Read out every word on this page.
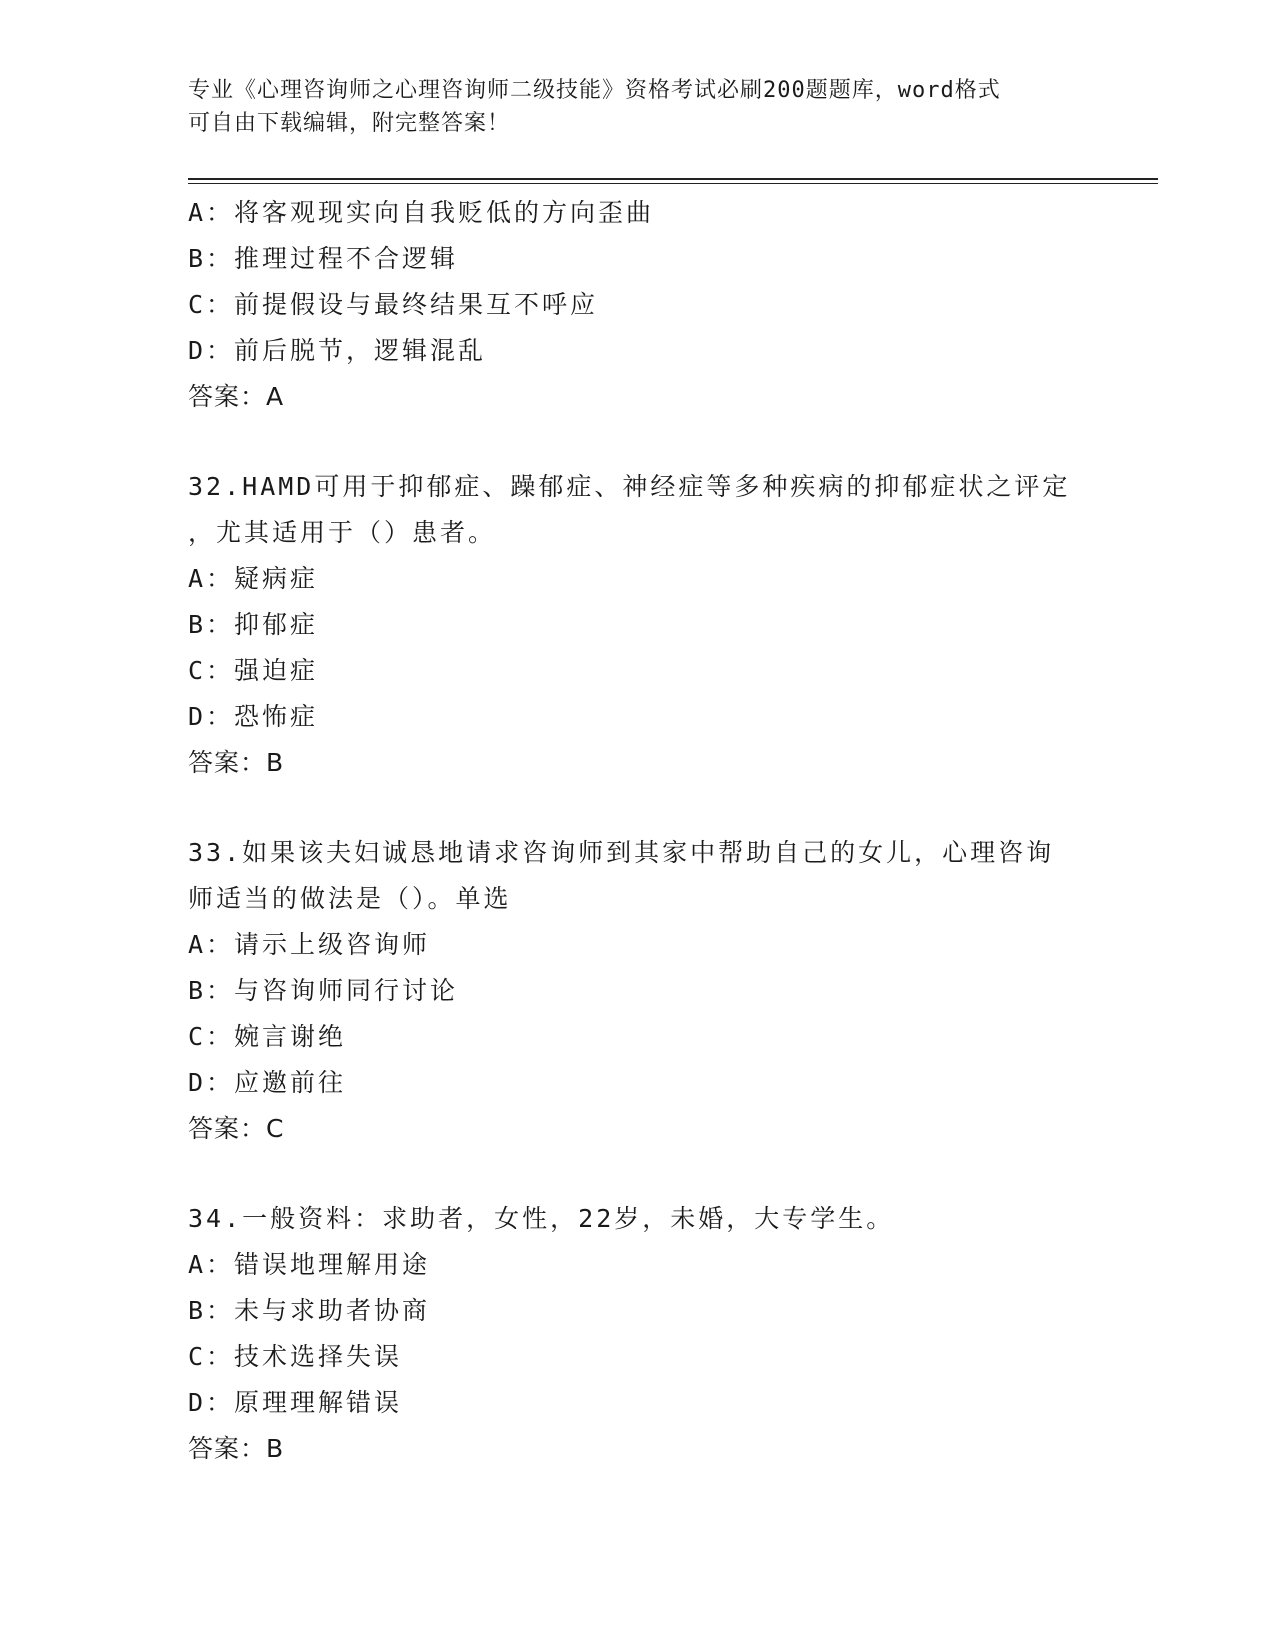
专业《心理咨询师之心理咨询师二级技能》资格考试必刷200题题库，word格式
可自由下载编辑，附完整答案！
A：将客观现实向自我贬低的方向歪曲
B：推理过程不合逻辑
C：前提假设与最终结果互不呼应
D：前后脱节，逻辑混乱
答案：A
32.HAMD可用于抑郁症、躁郁症、神经症等多种疾病的抑郁症状之评定
，尤其适用于（）患者。
A：疑病症
B：抑郁症
C：强迫症
D：恐怖症
答案：B
33.如果该夫妇诚恳地请求咨询师到其家中帮助自己的女儿，心理咨询
师适当的做法是（）。单选
A：请示上级咨询师
B：与咨询师同行讨论
C：婉言谢绝
D：应邀前往
答案：C
34.一般资料：求助者，女性，22岁，未婚，大专学生。
A：错误地理解用途
B：未与求助者协商
C：技术选择失误
D：原理理解错误
答案：B
